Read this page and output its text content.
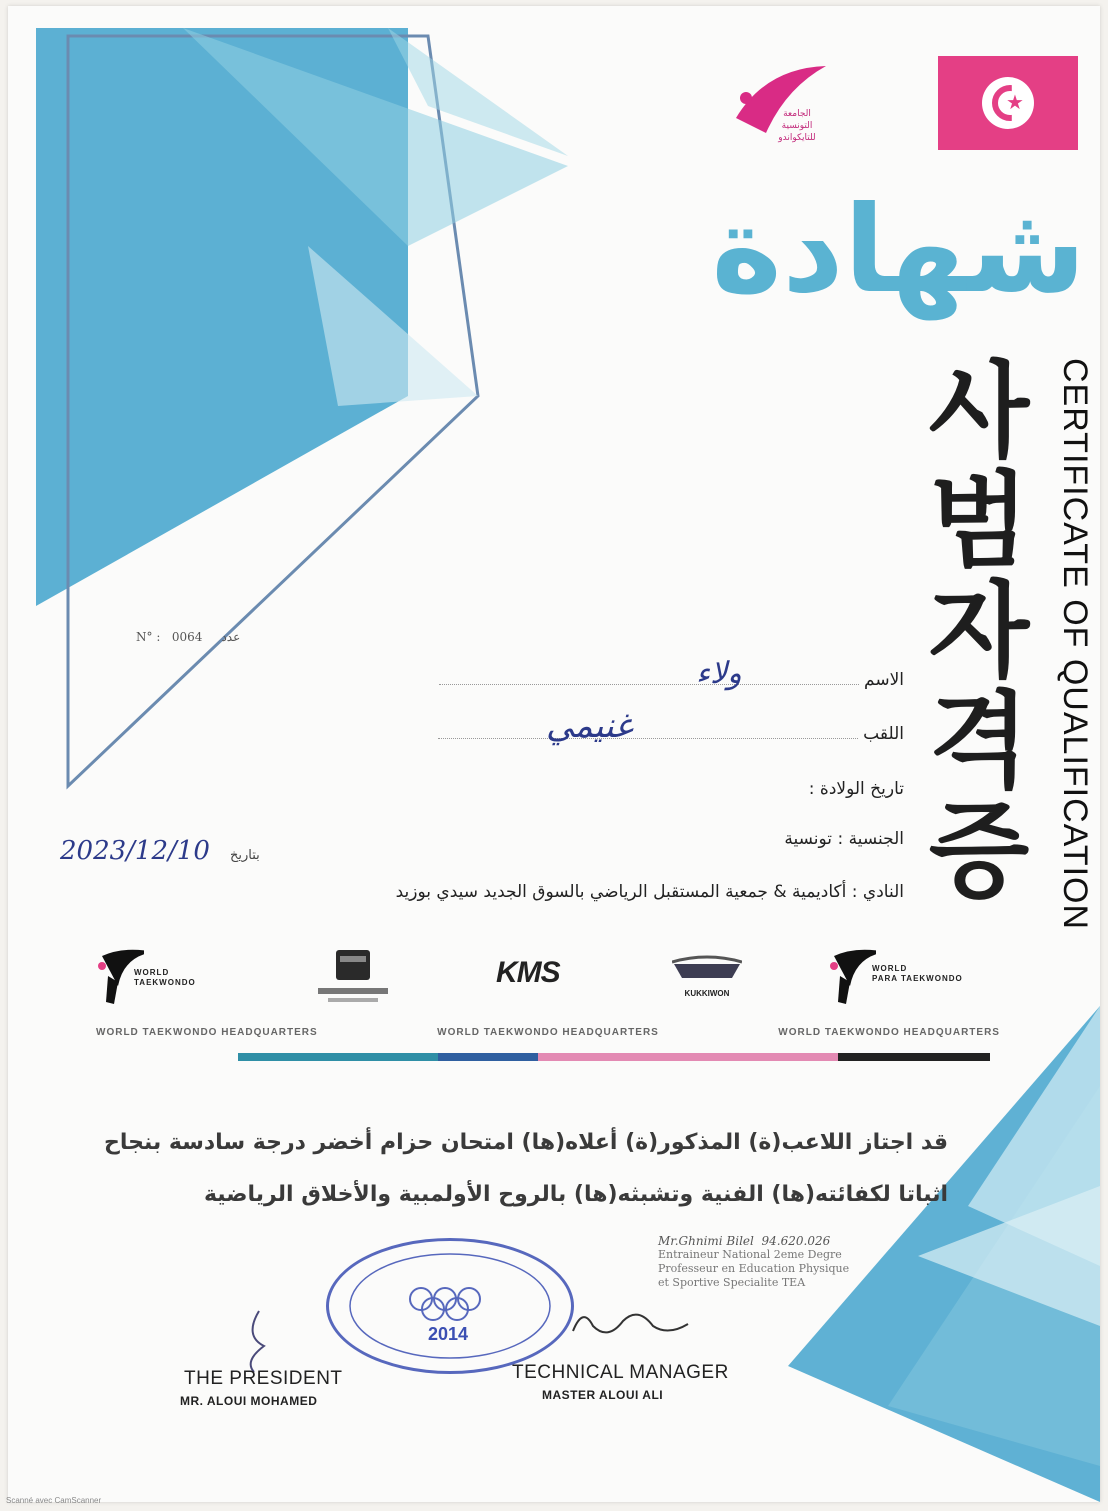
★
الجامعة
التونسية
للتايكواندو
شهادة
사범자격증 CERTIFICATE OF QUALIFICATION
N° : 0064 عدد
الاسم
ولاء
اللقب
غنيمي
تاريخ الولادة :
الجنسية : تونسية
النادي : أكاديمية & جمعية المستقبل الرياضي بالسوق الجديد سيدي بوزيد
2023/12/10 بتاريخ
WORLD
TAEKWONDO	KMS
KUKKIWON
WORLD
PARA TAEKWONDO
WORLD TAEKWONDO HEADQUARTERS	WORLD TAEKWONDO HEADQUARTERS	WORLD TAEKWONDO HEADQUARTERS
قد اجتاز اللاعب(ة) المذكور(ة) أعلاه(ها) امتحان حزام أخضر درجة سادسة بنجاح
اثباتا لكفائته(ها) الفنية وتشبثه(ها) بالروح الأولمبية والأخلاق الرياضية
Mr.Ghnimi Bilel 94.620.026
Entraineur National 2eme Degre
Professeur en Education Physique
et Sportive Specialite TEA
2014
THE PRESIDENT
MR. ALOUI MOHAMED
TECHNICAL MANAGER
MASTER ALOUI ALI
Scanné avec CamScanner
